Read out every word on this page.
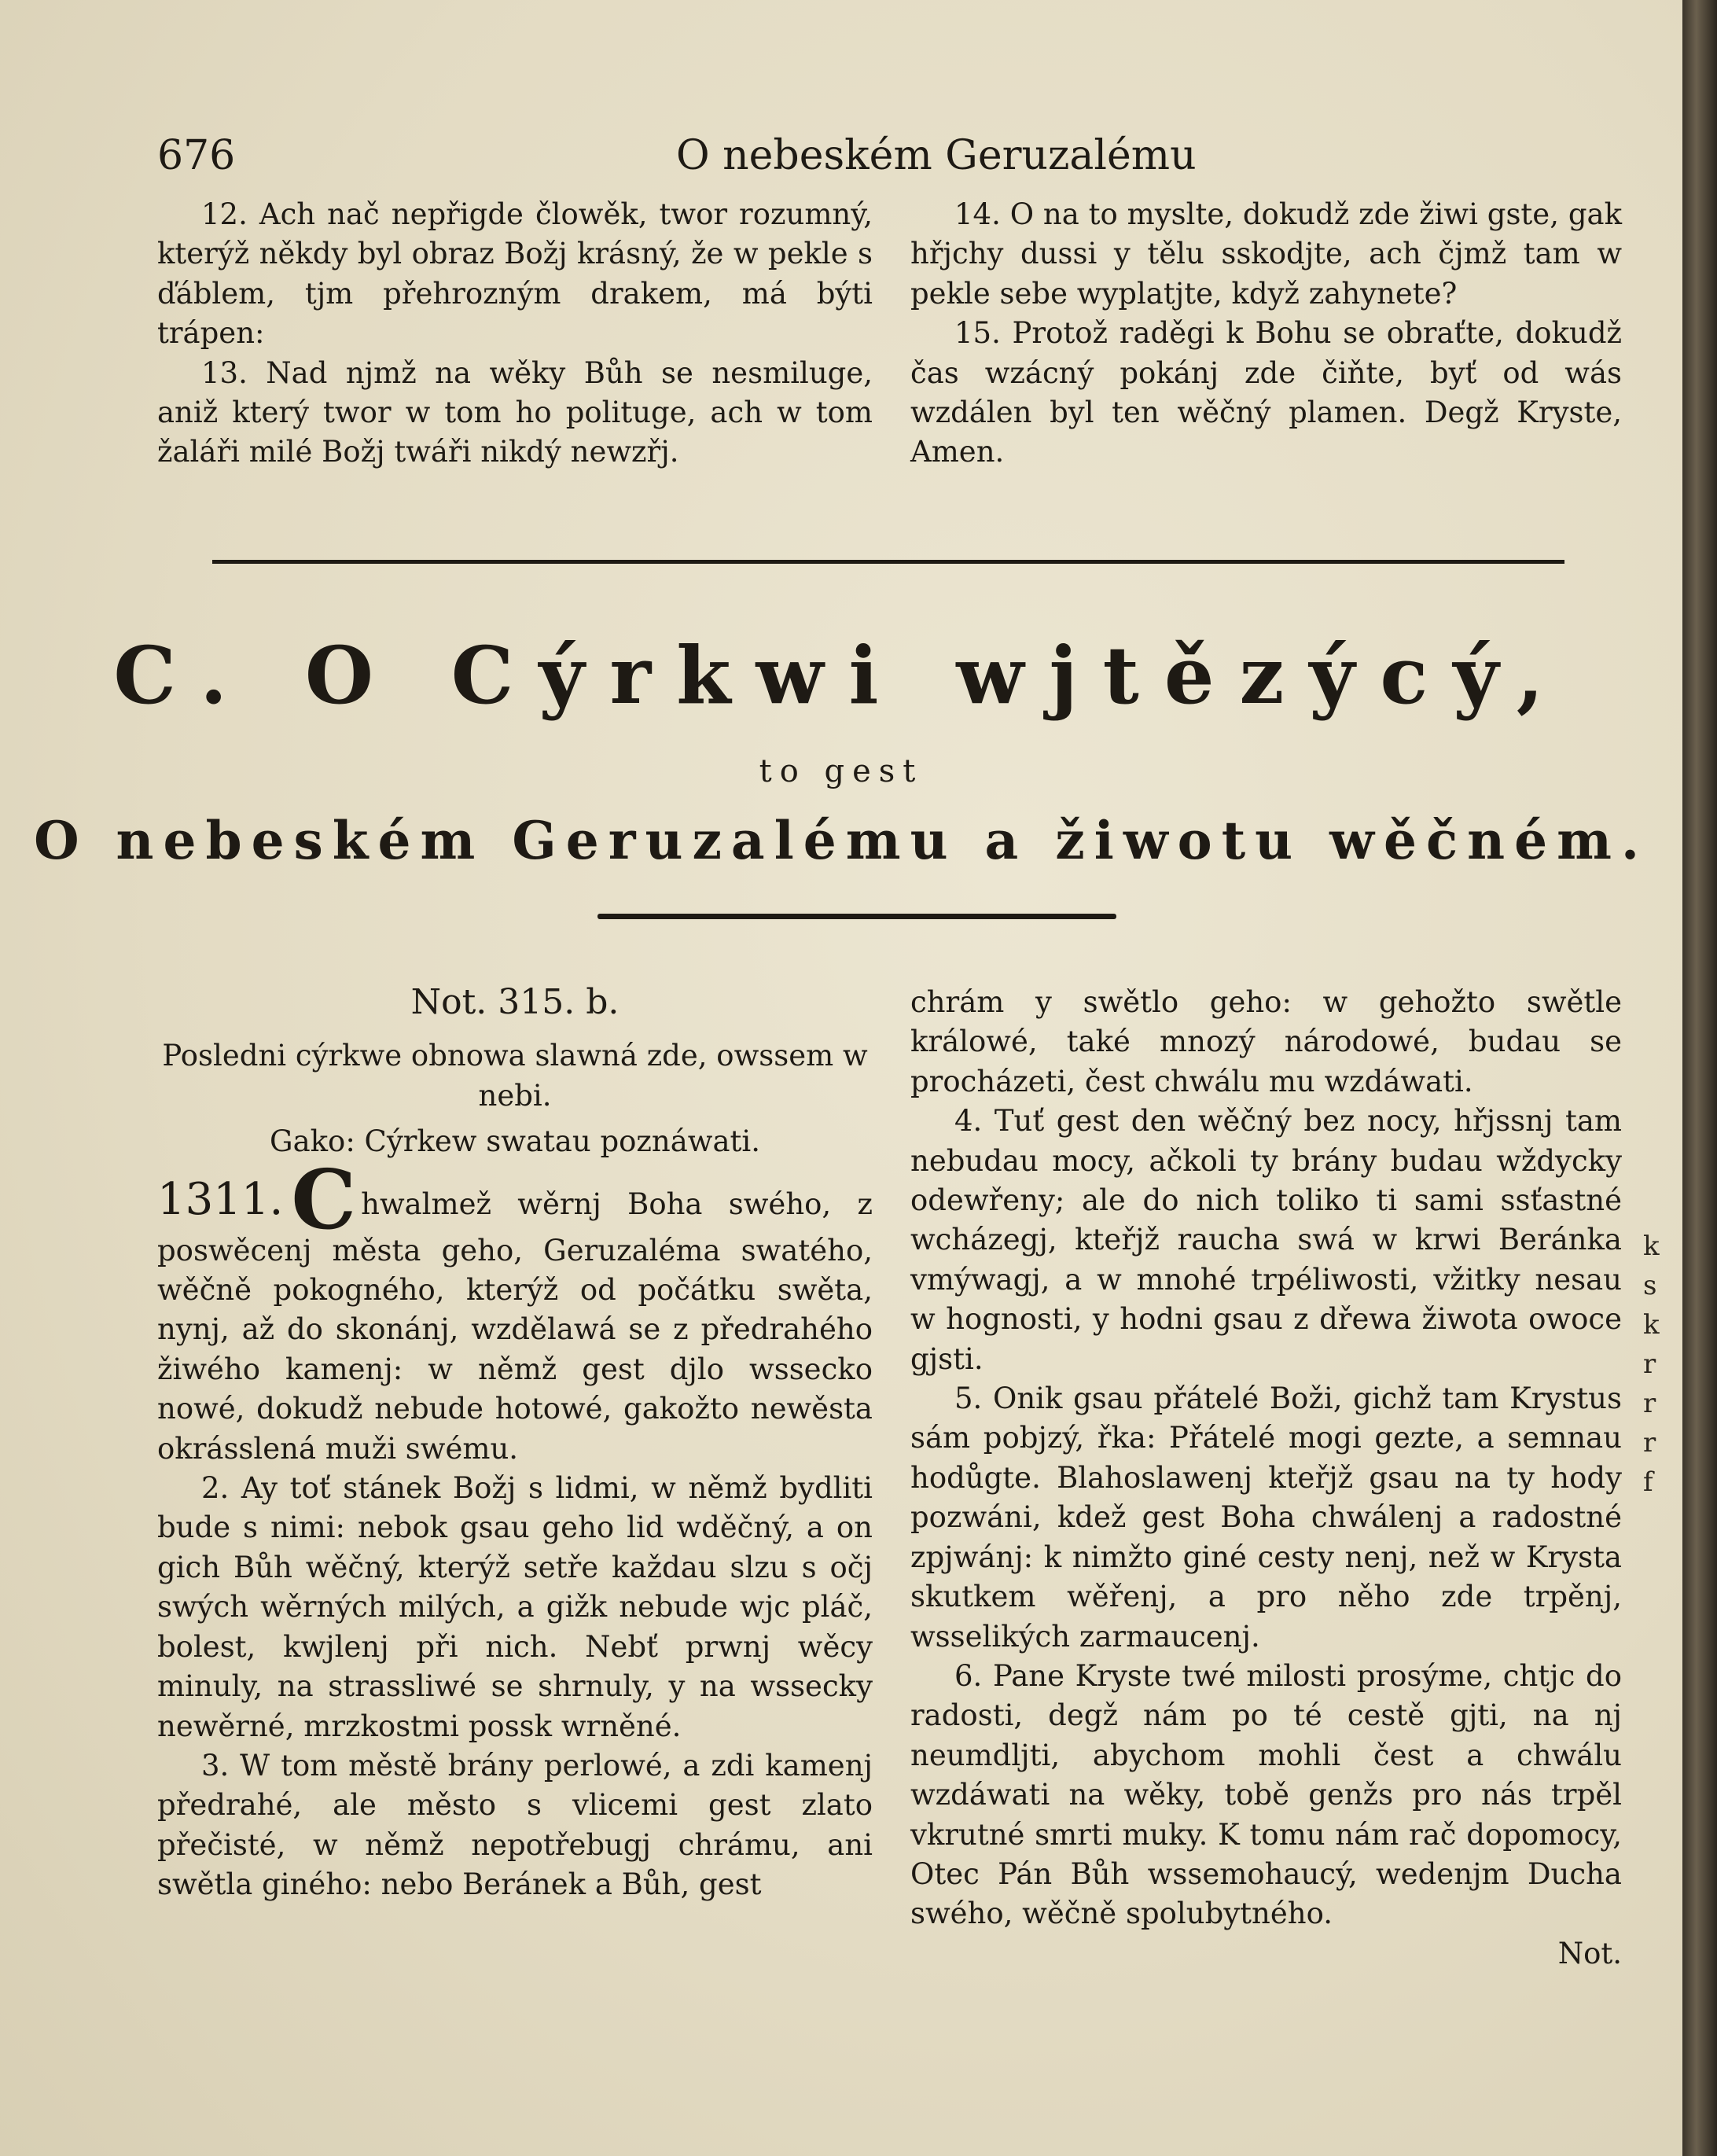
676	O nebeském Geruzalému

12. Ach nač nepřigde člowěk, twor rozumný, kterýž někdy byl obraz Božj krásný, že w pekle s ďáblem, tjm přehrozným drakem, má býti trápen:

13. Nad njmž na wěky Bůh se nesmiluge, aniž který twor w tom ho polituge, ach w tom žaláři milé Božj twáři nikdý newzřj.

14. O na to myslte, dokudž zde žiwi gste, gak hřjchy dussi y tělu sskodjte, ach čjmž tam w pekle sebe wyplatjte, když zahynete?

15. Protož raděgi k Bohu se obraťte, dokudž čas wzácný pokánj zde čiňte, byť od wás wzdálen byl ten wěčný plamen. Degž Kryste, Amen.

C. O Cýrkwi wjtězýcý,
to gest
O nebeském Geruzalému a žiwotu wěčném.
Not. 315. b.

Posledni cýrkwe obnowa slawná zde, owssem w nebi.

Gako: Cýrkew swatau poznáwati.

1311.C hwalmež wěrnj Boha swého, z poswěcenj města geho, Geruzaléma swatého, wěčně pokogného, kterýž od počátku swěta, nynj, až do skonánj, wzdělawá se z předrahého žiwého kamenj: w němž gest djlo wssecko nowé, dokudž nebude hotowé, gakožto newěsta okrásslená muži swému.

2. Ay toť stánek Božj s lidmi, w němž bydliti bude s nimi: nebok gsau geho lid wděčný, a on gich Bůh wěčný, kterýž setře každau slzu s očj swých wěrných milých, a gižk nebude wjc pláč, bolest, kwjlenj při nich. Nebť prwnj wěcy minuly, na strassliwé se shrnuly, y na wssecky newěrné, mrzkostmi possk wrněné.

3. W tom městě brány perlowé, a zdi kamenj předrahé, ale město s vlicemi gest zlato přečisté, w němž nepotřebugj chrámu, ani swětla giného: nebo Beránek a Bůh, gest

chrám y swětlo geho: w gehožto swětle králowé, také mnozý národowé, budau se procházeti, čest chwálu mu wzdáwati.

4. Tuť gest den wěčný bez nocy, hřjssnj tam nebudau mocy, ačkoli ty brány budau wždycky odewřeny; ale do nich toliko ti sami ssťastné wcházegj, kteřjž raucha swá w krwi Beránka vmýwagj, a w mnohé trpéliwosti, vžitky nesau w hognosti, y hodni gsau z dřewa žiwota owoce gjsti.

5. Onik gsau přátelé Boži, gichž tam Krystus sám pobjzý, řka: Přátelé mogi gezte, a semnau hodůgte. Blahoslawenj kteřjž gsau na ty hody pozwáni, kdež gest Boha chwálenj a radostné zpjwánj: k nimžto giné cesty nenj, než w Krysta skutkem wěřenj, a pro něho zde trpěnj, wsselikých zarmaucenj.

6. Pane Kryste twé milosti prosýme, chtjc do radosti, degž nám po té cestě gjti, na nj neumdljti, abychom mohli čest a chwálu wzdáwati na wěky, tobě genžs pro nás trpěl vkrutné smrti muky. K tomu nám rač dopomocy, Otec Pán Bůh wssemohaucý, wedenjm Ducha swého, wěčně spolubytného.

Not.

k
s
k
r
r
r
f
